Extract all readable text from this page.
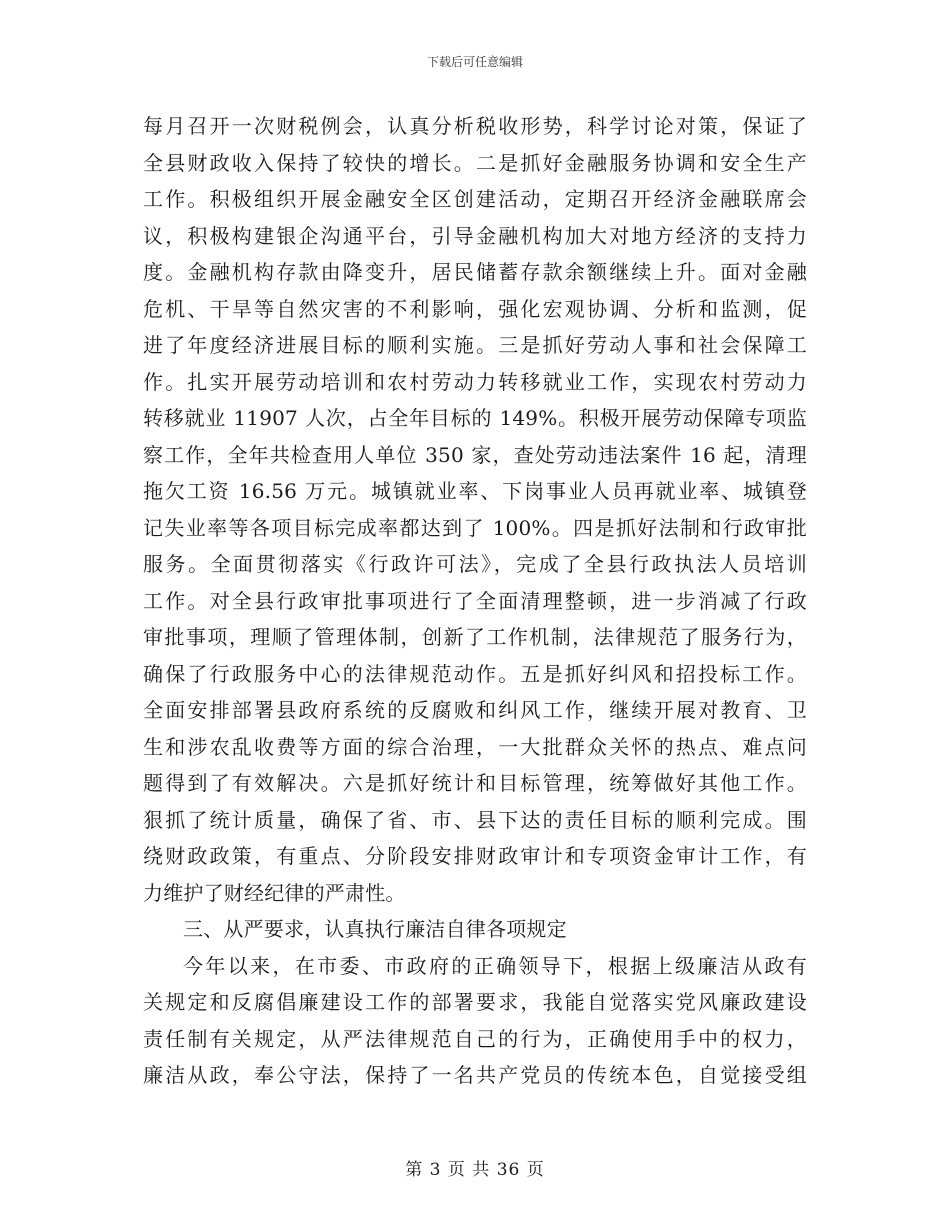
下载后可任意编辑
每月召开一次财税例会，认真分析税收形势，科学讨论对策，保证了
全县财政收入保持了较快的增长。二是抓好金融服务协调和安全生产
工作。积极组织开展金融安全区创建活动，定期召开经济金融联席会
议，积极构建银企沟通平台，引导金融机构加大对地方经济的支持力
度。金融机构存款由降变升，居民储蓄存款余额继续上升。面对金融
危机、干旱等自然灾害的不利影响，强化宏观协调、分析和监测，促
进了年度经济进展目标的顺利实施。三是抓好劳动人事和社会保障工
作。扎实开展劳动培训和农村劳动力转移就业工作，实现农村劳动力
转移就业 11907 人次，占全年目标的 149%。积极开展劳动保障专项监
察工作，全年共检查用人单位 350 家，查处劳动违法案件 16 起，清理
拖欠工资 16.56 万元。城镇就业率、下岗事业人员再就业率、城镇登
记失业率等各项目标完成率都达到了 100%。四是抓好法制和行政审批
服务。全面贯彻落实《行政许可法》，完成了全县行政执法人员培训
工作。对全县行政审批事项进行了全面清理整顿，进一步消减了行政
审批事项，理顺了管理体制，创新了工作机制，法律规范了服务行为，
确保了行政服务中心的法律规范动作。五是抓好纠风和招投标工作。
全面安排部署县政府系统的反腐败和纠风工作，继续开展对教育、卫
生和涉农乱收费等方面的综合治理，一大批群众关怀的热点、难点问
题得到了有效解决。六是抓好统计和目标管理，统筹做好其他工作。
狠抓了统计质量，确保了省、市、县下达的责任目标的顺利完成。围
绕财政政策，有重点、分阶段安排财政审计和专项资金审计工作，有
力维护了财经纪律的严肃性。
三、从严要求，认真执行廉洁自律各项规定
今年以来，在市委、市政府的正确领导下，根据上级廉洁从政有
关规定和反腐倡廉建设工作的部署要求，我能自觉落实党风廉政建设
责任制有关规定，从严法律规范自己的行为，正确使用手中的权力，
廉洁从政，奉公守法，保持了一名共产党员的传统本色，自觉接受组
第 3 页 共 36 页
